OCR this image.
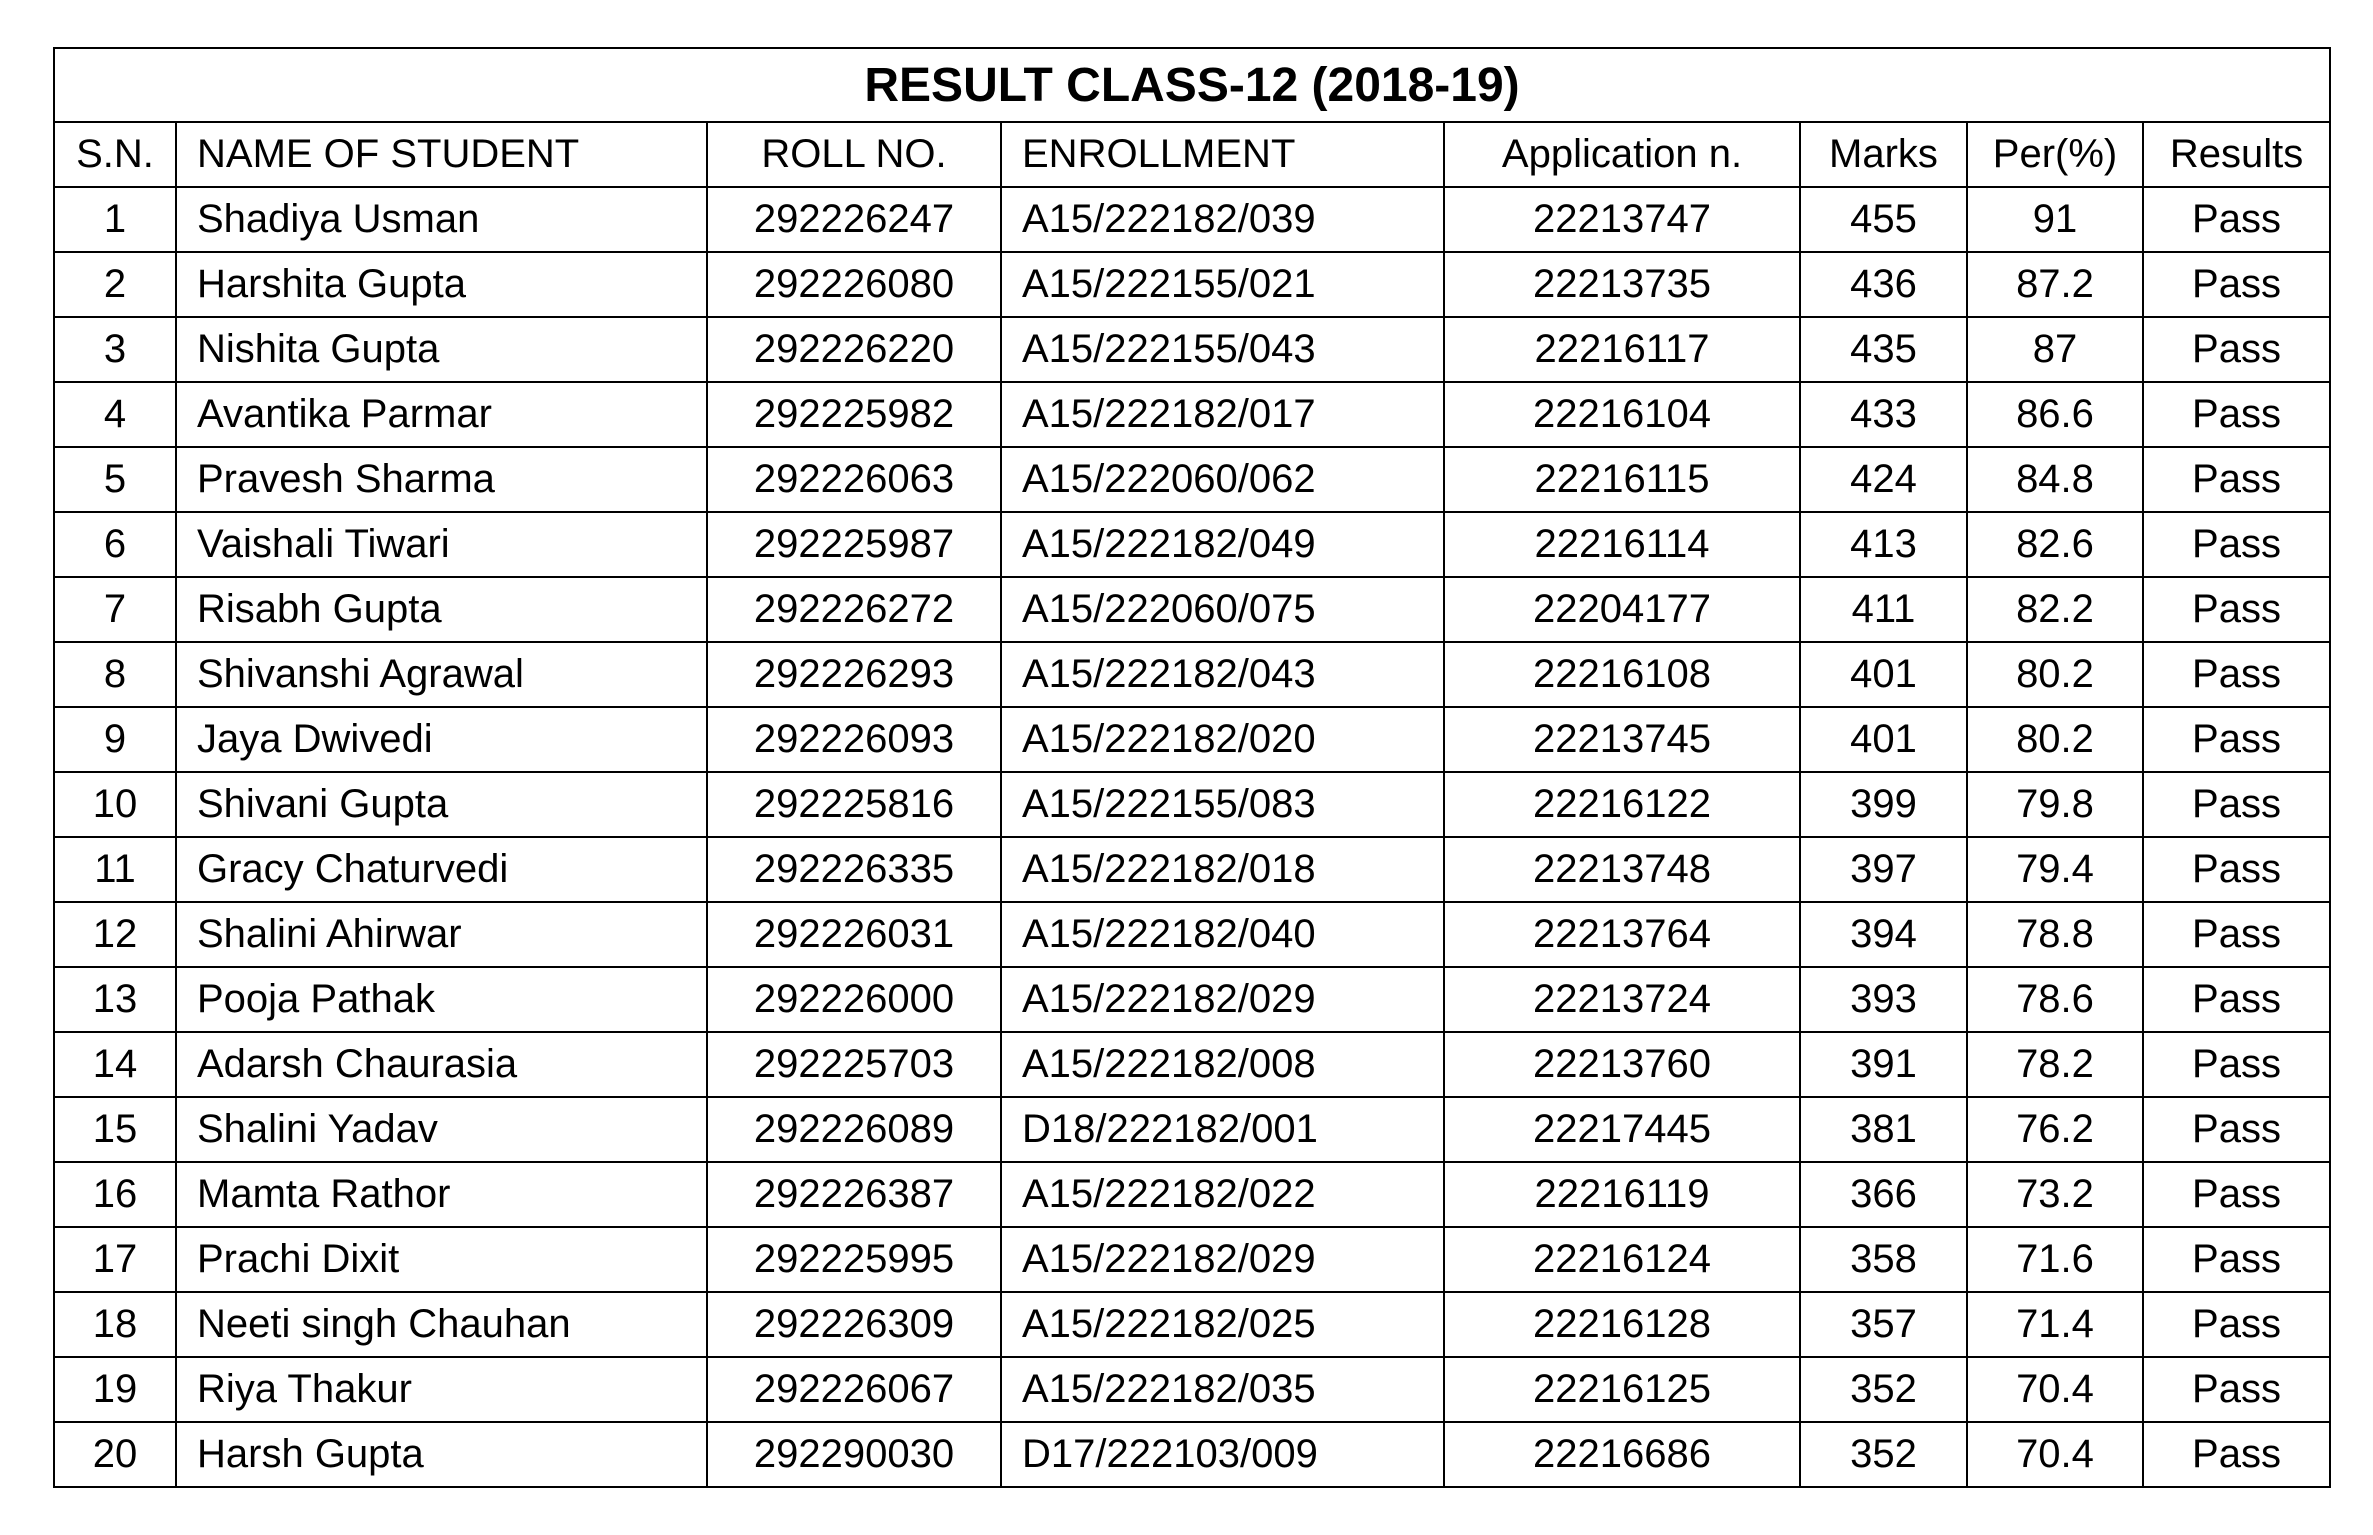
RESULT CLASS-12 (2018-19)							
S.N.	NAME OF STUDENT	ROLL NO.	ENROLLMENT	Application n.	Marks	Per(%)	Results
1	Shadiya Usman	292226247	A15/222182/039	22213747	455	91	Pass
2	Harshita Gupta	292226080	A15/222155/021	22213735	436	87.2	Pass
3	Nishita Gupta	292226220	A15/222155/043	22216117	435	87	Pass
4	Avantika Parmar	292225982	A15/222182/017	22216104	433	86.6	Pass
5	Pravesh Sharma	292226063	A15/222060/062	22216115	424	84.8	Pass
6	Vaishali Tiwari	292225987	A15/222182/049	22216114	413	82.6	Pass
7	Risabh Gupta	292226272	A15/222060/075	22204177	411	82.2	Pass
8	Shivanshi Agrawal	292226293	A15/222182/043	22216108	401	80.2	Pass
9	Jaya Dwivedi	292226093	A15/222182/020	22213745	401	80.2	Pass
10	Shivani Gupta	292225816	A15/222155/083	22216122	399	79.8	Pass
11	Gracy Chaturvedi	292226335	A15/222182/018	22213748	397	79.4	Pass
12	Shalini Ahirwar	292226031	A15/222182/040	22213764	394	78.8	Pass
13	Pooja Pathak	292226000	A15/222182/029	22213724	393	78.6	Pass
14	Adarsh Chaurasia	292225703	A15/222182/008	22213760	391	78.2	Pass
15	Shalini Yadav	292226089	D18/222182/001	22217445	381	76.2	Pass
16	Mamta Rathor	292226387	A15/222182/022	22216119	366	73.2	Pass
17	Prachi Dixit	292225995	A15/222182/029	22216124	358	71.6	Pass
18	Neeti singh Chauhan	292226309	A15/222182/025	22216128	357	71.4	Pass
19	Riya Thakur	292226067	A15/222182/035	22216125	352	70.4	Pass
20	Harsh Gupta	292290030	D17/222103/009	22216686	352	70.4	Pass
